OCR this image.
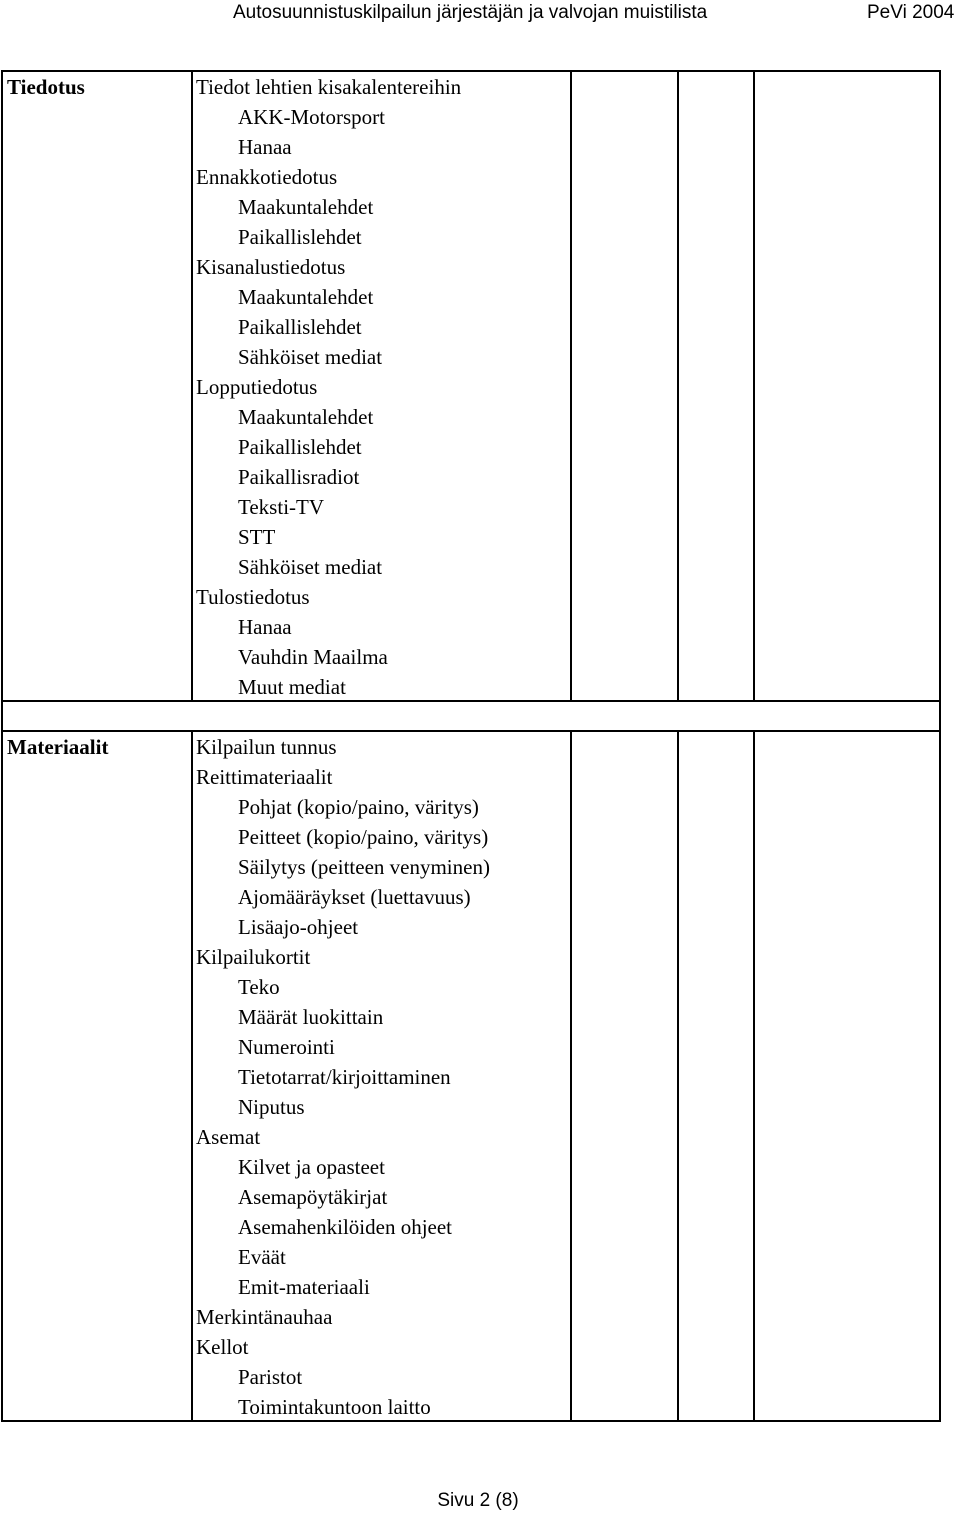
Autosuunnistuskilpailun järjestäjän ja valvojan muistilista	PeVi 2004
Tiedotus	Tiedot lehtien kisakalentereihin
AKK-Motorsport
Hanaa
Ennakkotiedotus
Maakuntalehdet
Paikallislehdet
Kisanalustiedotus
Maakuntalehdet
Paikallislehdet
Sähköiset mediat
Lopputiedotus
Maakuntalehdet
Paikallislehdet
Paikallisradiot
Teksti-TV
STT
Sähköiset mediat
Tulostiedotus
Hanaa
Vauhdin Maailma
Muut mediat
Materiaalit	Kilpailun tunnus
Reittimateriaalit
Pohjat (kopio/paino, väritys)
Peitteet (kopio/paino, väritys)
Säilytys (peitteen venyminen)
Ajomääräykset (luettavuus)
Lisäajo-ohjeet
Kilpailukortit
Teko
Määrät luokittain
Numerointi
Tietotarrat/kirjoittaminen
Niputus
Asemat
Kilvet ja opasteet
Asemapöytäkirjat
Asemahenkilöiden ohjeet
Eväät
Emit-materiaali
Merkintänauhaa
Kellot
Paristot
Toimintakuntoon laitto
Sivu 2 (8)
